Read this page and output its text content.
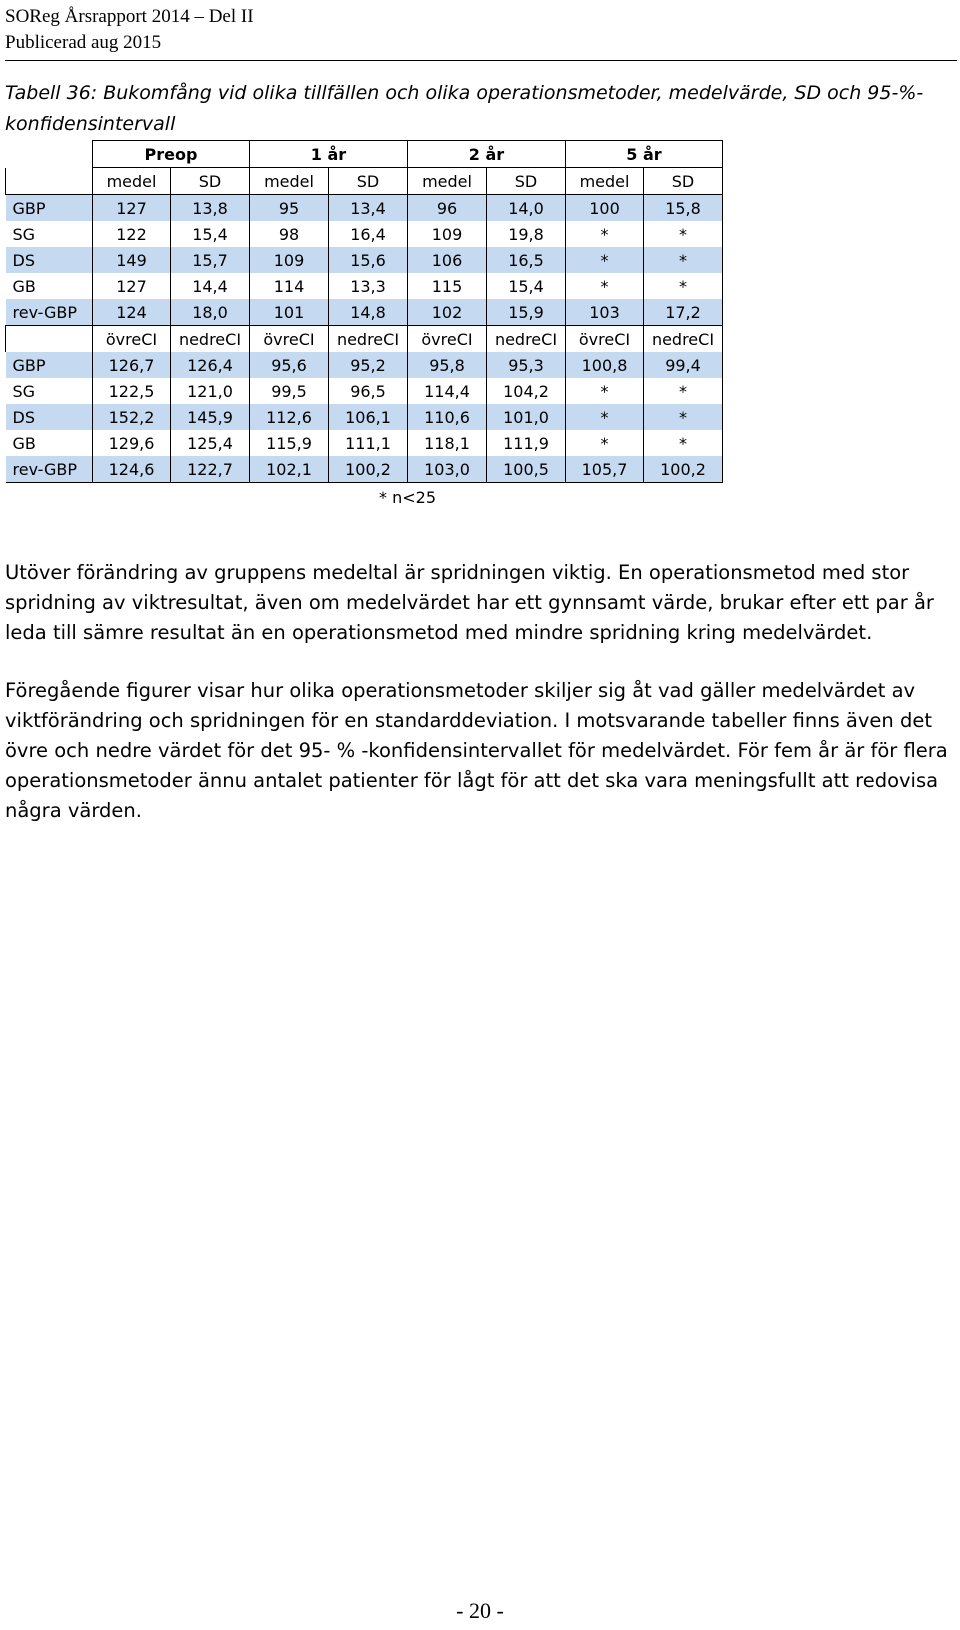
SOReg Årsrapport 2014 – Del II
Publicerad aug 2015
Tabell 36: Bukomfång vid olika tillfällen och olika operationsmetoder, medelvärde, SD och 95-%-konfidensintervall
	Preop		1 år		2 år		5 år	
	medel	SD	medel	SD	medel	SD	medel	SD
GBP	127	13,8	95	13,4	96	14,0	100	15,8
SG	122	15,4	98	16,4	109	19,8	*	*
DS	149	15,7	109	15,6	106	16,5	*	*
GB	127	14,4	114	13,3	115	15,4	*	*
rev-GBP	124	18,0	101	14,8	102	15,9	103	17,2
	övreCI	nedreCI	övreCI	nedreCI	övreCI	nedreCI	övreCI	nedreCI
GBP	126,7	126,4	95,6	95,2	95,8	95,3	100,8	99,4
SG	122,5	121,0	99,5	96,5	114,4	104,2	*	*
DS	152,2	145,9	112,6	106,1	110,6	101,0	*	*
GB	129,6	125,4	115,9	111,1	118,1	111,9	*	*
rev-GBP	124,6	122,7	102,1	100,2	103,0	100,5	105,7	100,2
	* n<25							
Utöver förändring av gruppens medeltal är spridningen viktig. En operationsmetod med stor spridning av viktresultat, även om medelvärdet har ett gynnsamt värde, brukar efter ett par år leda till sämre resultat än en operationsmetod med mindre spridning kring medelvärdet.
Föregående figurer visar hur olika operationsmetoder skiljer sig åt vad gäller medelvärdet av viktförändring och spridningen för en standarddeviation. I motsvarande tabeller finns även det övre och nedre värdet för det 95- % -konfidensintervallet för medelvärdet. För fem år är för flera operationsmetoder ännu antalet patienter för lågt för att det ska vara meningsfullt att redovisa några värden.
- 20 -
